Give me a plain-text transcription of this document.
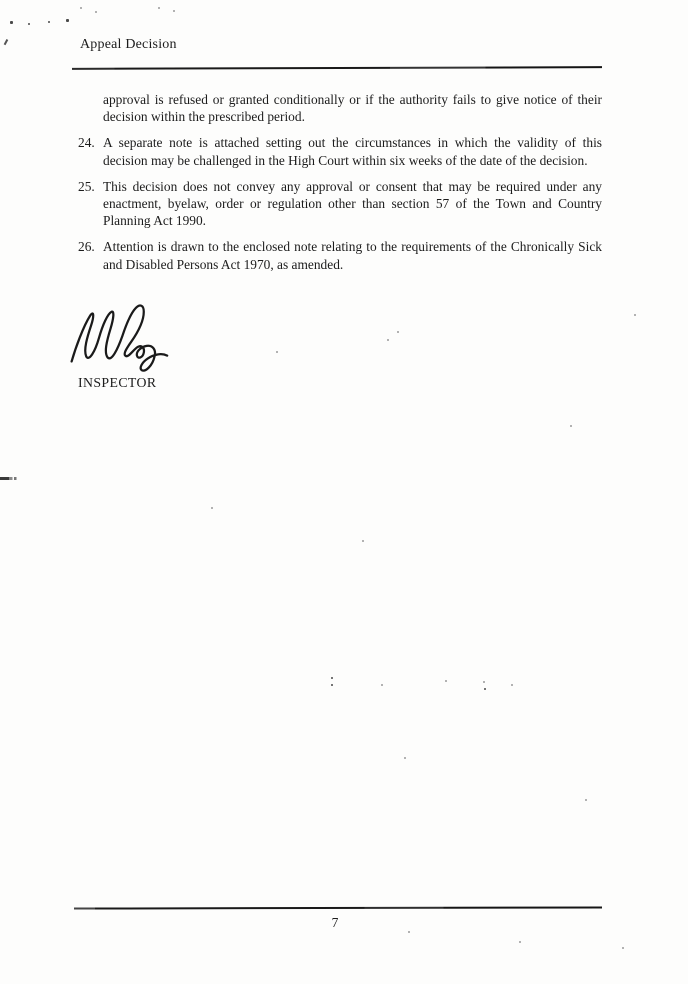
Appeal Decision

approval is refused or granted conditionally or if the authority fails to give notice of their decision within the prescribed period.

24. A separate note is attached setting out the circumstances in which the validity of this decision may be challenged in the High Court within six weeks of the date of the decision.
25. This decision does not convey any approval or consent that may be required under any enactment, byelaw, order or regulation other than section 57 of the Town and Country Planning Act 1990.
26. Attention is drawn to the enclosed note relating to the requirements of the Chronically Sick and Disabled Persons Act 1970, as amended.
INSPECTOR
7
